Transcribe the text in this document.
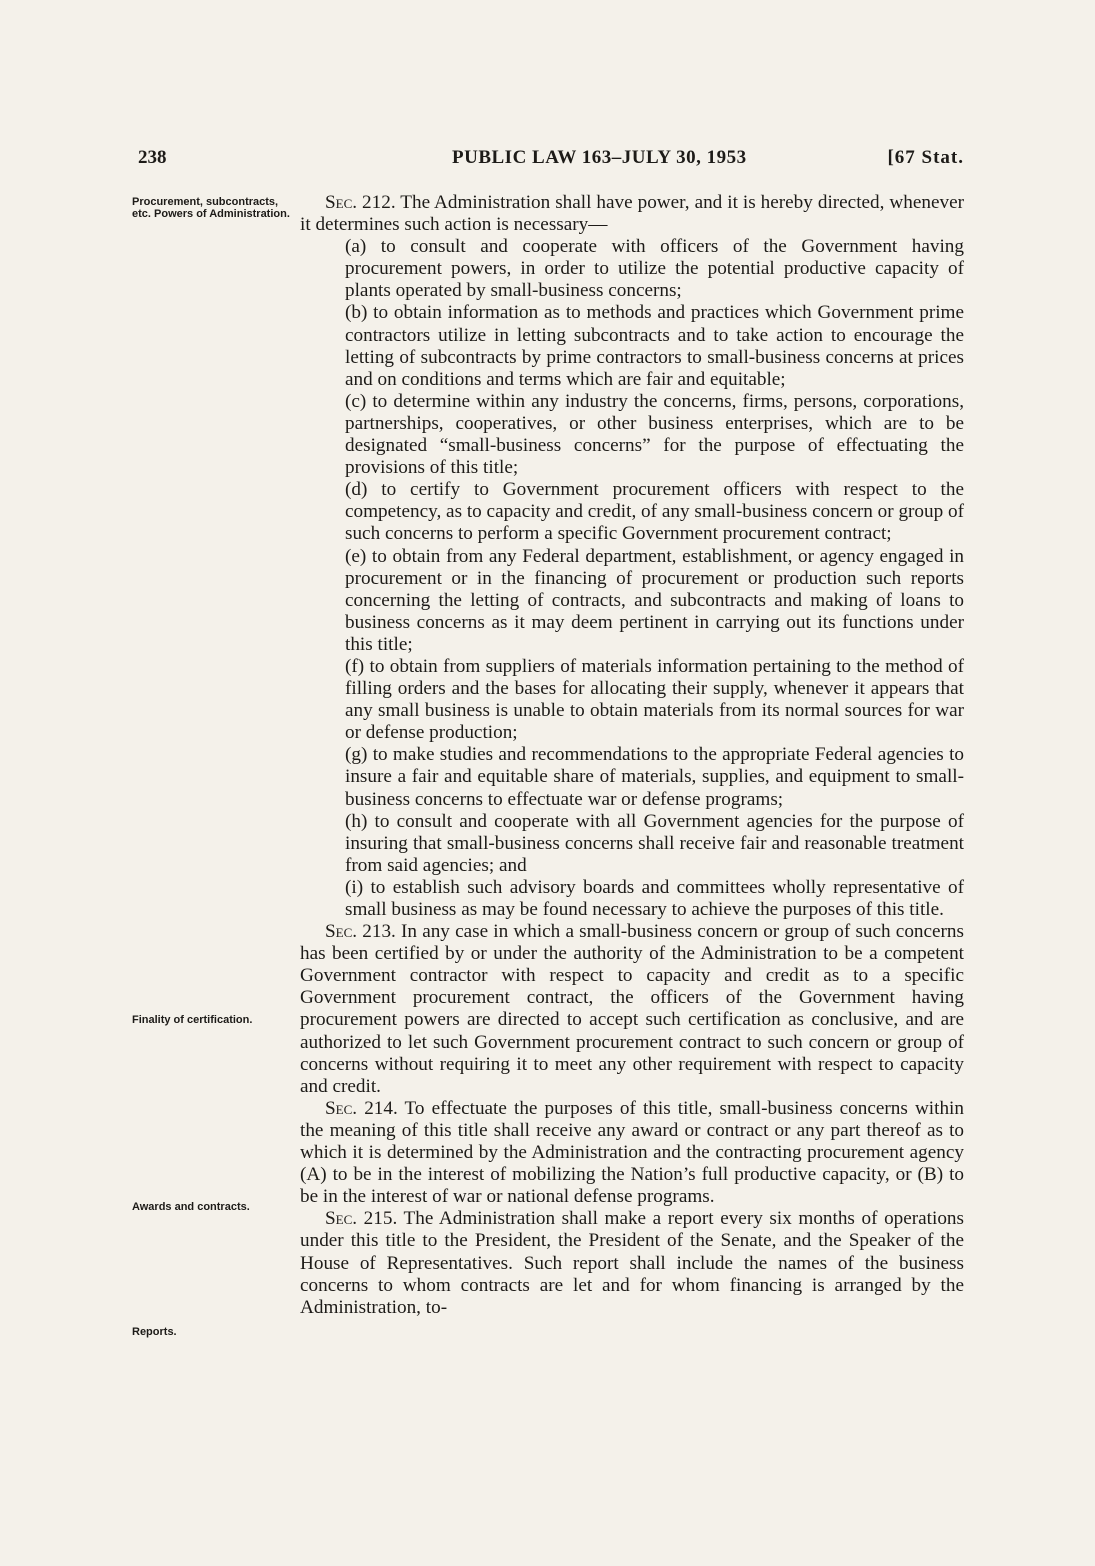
238	PUBLIC LAW 163–JULY 30, 1953	[67 Stat.
Procurement, subcontracts, etc. Powers of Administration.
Finality of certification.
Awards and contracts.
Reports.

Sec. 212. The Administration shall have power, and it is hereby directed, whenever it determines such action is necessary—

(a) to consult and cooperate with officers of the Government having procurement powers, in order to utilize the potential productive capacity of plants operated by small-business concerns;

(b) to obtain information as to methods and practices which Government prime contractors utilize in letting subcontracts and to take action to encourage the letting of subcontracts by prime contractors to small-business concerns at prices and on conditions and terms which are fair and equitable;

(c) to determine within any industry the concerns, firms, persons, corporations, partnerships, cooperatives, or other business enterprises, which are to be designated “small-business concerns” for the purpose of effectuating the provisions of this title;

(d) to certify to Government procurement officers with respect to the competency, as to capacity and credit, of any small-business concern or group of such concerns to perform a specific Government procurement contract;

(e) to obtain from any Federal department, establishment, or agency engaged in procurement or in the financing of procurement or production such reports concerning the letting of contracts, and subcontracts and making of loans to business concerns as it may deem pertinent in carrying out its functions under this title;

(f) to obtain from suppliers of materials information pertaining to the method of filling orders and the bases for allocating their supply, whenever it appears that any small business is unable to obtain materials from its normal sources for war or defense production;

(g) to make studies and recommendations to the appropriate Federal agencies to insure a fair and equitable share of materials, supplies, and equipment to small-business concerns to effectuate war or defense programs;

(h) to consult and cooperate with all Government agencies for the purpose of insuring that small-business concerns shall receive fair and reasonable treatment from said agencies; and

(i) to establish such advisory boards and committees wholly representative of small business as may be found necessary to achieve the purposes of this title.

Sec. 213. In any case in which a small-business concern or group of such concerns has been certified by or under the authority of the Administration to be a competent Government contractor with respect to capacity and credit as to a specific Government procurement contract, the officers of the Government having procurement powers are directed to accept such certification as conclusive, and are authorized to let such Government procurement contract to such concern or group of concerns without requiring it to meet any other requirement with respect to capacity and credit.

Sec. 214. To effectuate the purposes of this title, small-business concerns within the meaning of this title shall receive any award or contract or any part thereof as to which it is determined by the Administration and the contracting procurement agency (A) to be in the interest of mobilizing the Nation’s full productive capacity, or (B) to be in the interest of war or national defense programs.

Sec. 215. The Administration shall make a report every six months of operations under this title to the President, the President of the Senate, and the Speaker of the House of Representatives. Such report shall include the names of the business concerns to whom contracts are let and for whom financing is arranged by the Administration, to-
